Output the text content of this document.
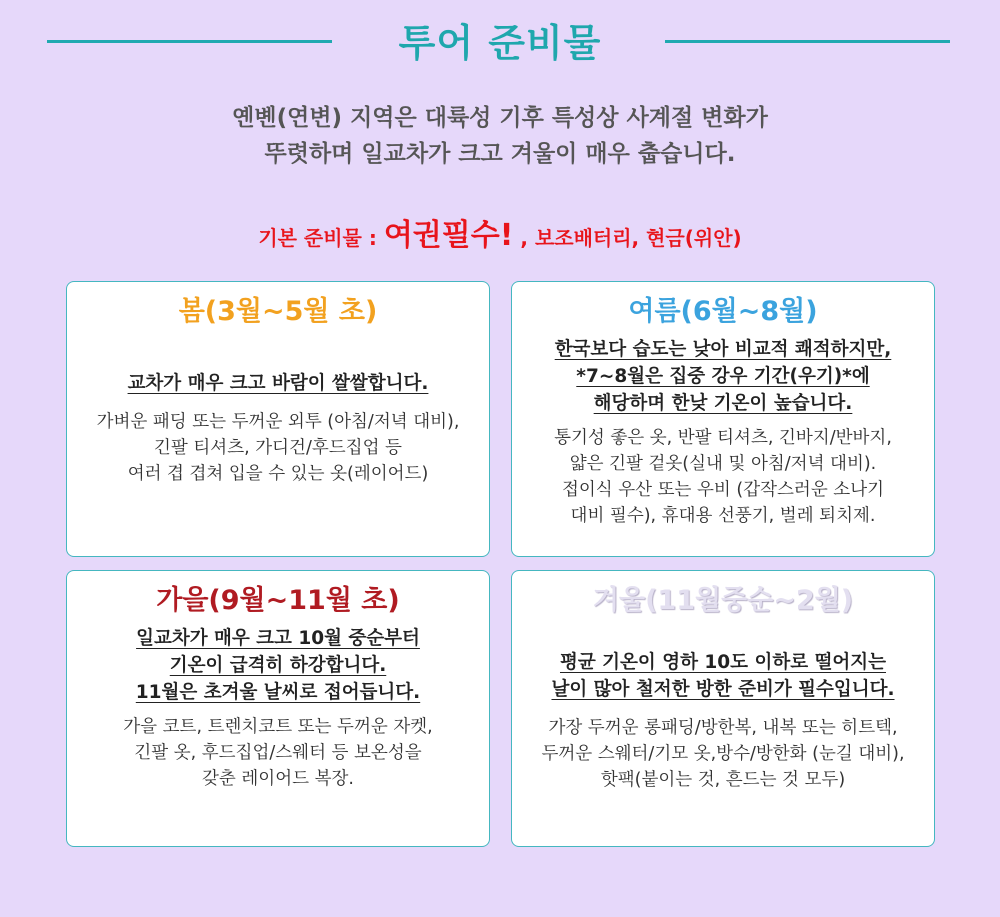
투어 준비물
옌볜(연변) 지역은 대륙성 기후 특성상 사계절 변화가
뚜렷하며 일교차가 크고 겨울이 매우 춥습니다.
기본 준비물 : 여권필수! , 보조배터리, 현금(위안)
봄(3월~5월 초)
교차가 매우 크고 바람이 쌀쌀합니다.
가벼운 패딩 또는 두꺼운 외투 (아침/저녁 대비),
긴팔 티셔츠, 가디건/후드집업 등
여러 겹 겹쳐 입을 수 있는 옷(레이어드)
여름(6월~8월)
한국보다 습도는 낮아 비교적 쾌적하지만,
*7~8월은 집중 강우 기간(우기)*에
해당하며 한낮 기온이 높습니다.
통기성 좋은 옷, 반팔 티셔츠, 긴바지/반바지,
얇은 긴팔 겉옷(실내 및 아침/저녁 대비).
접이식 우산 또는 우비 (갑작스러운 소나기
대비 필수), 휴대용 선풍기, 벌레 퇴치제.
가을(9월~11월 초)
일교차가 매우 크고 10월 중순부터
기온이 급격히 하강합니다.
11월은 초겨울 날씨로 접어듭니다.
가을 코트, 트렌치코트 또는 두꺼운 자켓,
긴팔 옷, 후드집업/스웨터 등 보온성을
갖춘 레이어드 복장.
겨울(11월중순~2월)
평균 기온이 영하 10도 이하로 떨어지는
날이 많아 철저한 방한 준비가 필수입니다.
가장 두꺼운 롱패딩/방한복, 내복 또는 히트텍,
두꺼운 스웨터/기모 옷,방수/방한화 (눈길 대비),
핫팩(붙이는 것, 흔드는 것 모두)
